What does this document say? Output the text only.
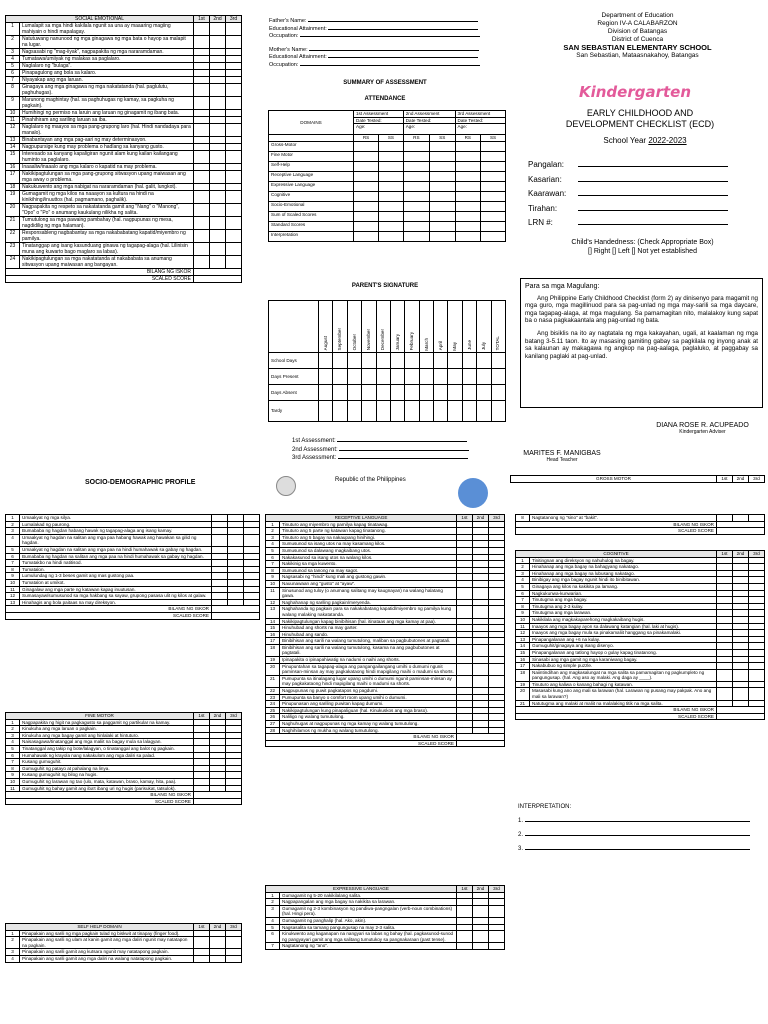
SOCIAL EMOTIONAL		1st	2nd	3rd
1	Lumalapit sa mga hindi kakilala ngunit sa una ay maaaring magiing mahiyain o hindi mapalagay.			
2	Natutuwang nanunood ng mga ginagawa ng mga bata o hayop sa malapit na lugar.			
3	Nagsasabi ng "mag-iiyak", nagpapakita ng mga nararamdaman.			
4	Tumatawa/umiiyak ng malakas sa paglalaro.			
5	Naglalaro ng "bulaga".			
6	Pinapagulong ang bola sa kalaro.			
7	Niyayakap ang mga laruan.			
8	Ginagaya ang mga ginagawa ng mga nakatatanda (hal. paglulutu, paghuhugas).			
9	Marunong maghintay (hal. sa paghuhugas ng kamay, sa pagkuha ng pagkain).			
10	Humihingi ng permiso na laruin ang laruan ng ginagamit ng ibang bata.			
11	Pinahihiram ang sariling laruan sa iba.			
12	Naglalaro ng maayos sa mga pang-grupong laro (hal. Hindi nandadaya para manalo).			
13	Binabantayan ang mga pag-aari ng may determinasyon.			
14	Nagpupursige kung may problema o hadlang sa kanyang gusto.			
15	Interesado sa kanyang kapaligiran ngunit alam kung kailan kailangang huminto sa paglalaro.			
16	Inaaaliw/inaaalo ang mga kalaro o kapatid na may problema.			
17	Nakikipagtulungan sa mga pang-grupong sitwasyon upang maiwasan ang mga away o problema.			
18	Nakukuwento ang mga nabigat na nararamdaman (hal. galit, lungkot).			
19	Gumagamit ng mga kilos na naaayon sa kultura na hindi na kinikihingi/inuuttos (hal. pagmamano, paghalik).			
20	Nagpapakita ng respeto sa nakatatanda gamit ang "Nang" o "Manong", "Opo" o "Po" o anumang kaukulang nilikha ng salita.			
21	Tumutulong sa mga pawaing pambahay (hal. nagpupunas ng mesa, nagdidilig ng mga halaman).			
22	Responsableng nagbabantay sa mga nakababatang kapatid/miyembro ng pamilya.			
23	Tinatanggap ang isang kasunduang ginawa ng tagapag-alaga (hal. Lilinisin muna ang kuwarto bago maglaro sa labas).			
24	Nakikipagtulungan sa mga nakatatanda at nakababata sa anumang sitwasyon upang maiwasan ang bangayan.			
BILANG NG ISKOR				
SCALED SCORE				
Father's Name:
Educational Attainment:
Occupation:
Mother's Name:
Educational Attainment:
Occupation:
SUMMARY OF ASSESSMENT
ATTENDANCE
DOMAINS	1st Assessment		2nd Assessment		3rd Assessment	
	Date Tested:		Date Tested:		Date Tested:	
	Age:		Age:		Age:	
	RS	SS	RS	SS	RS	SS
Gross-Motor						
Fine Motor						
Self-Help						
Receptive Language						
Expressive Language						
Cognitive						
Socio-Emotional						
Sum of Scaled Scores						
Standard Scores						
Interpretation						
PARENT'S SIGNATURE
	August	September	October	November	December	January	February	March	April	May	June	July	TOTAL
School Days													
Days Present													
Days Absent													
Tardy													
1st Assessment:
2nd Assessment:
3rd Assessment:
Department of Education
Region IV-A CALABARZON
Division of Batangas
District of Cuenca
SAN SEBASTIAN ELEMENTARY SCHOOL
San Sebastian, Mataasnakahoy, Batangas
Kindergarten
EARLY CHILDHOOD AND
DEVELOPMENT CHECKLIST (ECD)
School Year 2022-2023
Pangalan:
Kasarian:
Kaarawan:
Tirahan:
LRN #:
Child's Handedness: (Check Appropriate Box)
[] Right [] Left [] Not yet established
Para sa mga Magulang:
Ang Philippine Early Childhood Checklist (form 2) ay dinisenyo para magamit ng mga guro, mga magillinuod para sa pag-unlad ng mga may-sarili sa mga daycare, mga tagapag-alaga, at mga magulang. Sa pamamagitan nito, malalakoy kung sapat ba o nasa pagkakaantala ang pag-unlad ng bata.
Ang bisiklis na ito ay nagtatala ng mga kakayahan, ugali, at kaalaman ng mga batang 3-5.11 taon. Ito ay masasing gamiting gabay sa pagkilala ng inyong anak at sa kalaunan ay makagawa ng angkop na pag-aalaga, paglaluko, at paggabay sa kanilang paglaki at pag-unlad.
DIANA ROSE R. ACUPEADO
Kindergarten Adviser
MARITES F. MANIGBAS
Head Teacher
SOCIO-DEMOGRAPHIC PROFILE	Republic of the Philippines	GROSS MOTOR	1st	2nd	3rd
1	Umaakyat ng mga silya.			
2	Lumalakad ng paurong.			
3	Bumababa ng hagdan habang hawak ng tagapag-alaga ang isang kamay.			
4	Umaakyat ng hagdan na salitan ang mga paa habang hawak ang hawakan sa gilid ng hagdan.			
5	Umaakyat ng hagdan na salitan ang mga paa na hindi humahawak sa gabay ng hagdan.			
6	Bumababa ng hagdan na salitan ang mga paa na hindi humahawak sa gabay ng hagdan.			
7	Tumatakbo na hindi natitisod.			
8	Tumatalon.			
9	Lumulundag ng 1-3 beses gamit ang mas gustong paa.			
10	Tumatalon at umikot.			
11	Ginagalaw ang mga parte ng katawan kapag inuutusan.			
12	Sumasayaw/sumusunod sa mga hakbang sa sayaw, grupong pasasa ulit ng kilos at galaw.			
13	Hinahagis ang bola paitaas na may direksyon.			
BILANG NG ISKOR				
SCALED SCORE				
FINE MOTOR		1st	2nd	3rd
1	Nagpapakita ng higit na pagkagusto sa paggamit ng partikular na kamay.			
2	Kinukuha ang mga laruan o pagkain.			
3	Kinukuha ang mga bagay gamit ang hinlalaki at hintuturo.			
4	Naisasagawa/tinatanggal ang mga maliit na bagay mula sa lalagyan.			
5	Tinatanggal ang takip ng bote/lalagyan, o tinatanggal ang balot ng pagkain.			
6	Humahawak ng krayola nang nakakulom ang mga daliri sa palad.			
7	Kusang gumuguhit.			
8	Gumuguhit ng patayo at pahalang na linya.			
9	Kusang gumuguhit ng bilog na hugis.			
10	Gumuguhit ng larawan ng tao (ulo, mata, katawan, braso, kamay, hita, paa).			
11	Gumuguhit ng bahay gamit ang iba't ibang uri ng hugis (parisukat, tatsulok).			
BILANG NG ISKOR				
SCALED SCORE				
SELF HELP DOMAIN		1st	2nd	3rd
1	Pinapakain ang sarili ng mga pagkain tulad ng biskwit at tinapay (finger food).			
2	Pinapakain ang sarili ng ulam at kanin gamit ang mga daliri ngunit may natatapon na pagkain.			
3	Pinapakain ang sarili gamit ang kutsara ngunit may natatapong pagkain.			
4	Pinapakain ang sarili gamit ang mga daliri na walang natatapong pagkain.			
RECEPTIVE LANGUAGE		1st	2nd	3rd
1	Tinuturo ang miyembro ng pamilya kapag tinatawag.			
2	Tinuturo ang 5 parte ng katawan kapag tinatanong.			
3	Tinuturo ang 5 bagay na nakaupang hinihingi.			
4	Sumusunod sa isang utos na may kasamang kilos.			
5	Sumusunod sa dalawang magkaibang utos.			
6	Nakakasunod sa isang utos na walang kilos.			
7	Nakikinig sa mga kuwento.			
8	Sumusunod sa tanong na may sagot.			
9	Nagsasabi ng "hindi" kung mali ang gustong gawin.			
10	Nauunawaan ang "gusto" at "ayaw".			
11	Sinusunod ang tuloy (o anumang salitang may kaugnayan) na walang halatang gawa.			
12	Naghahanap ng sariling pagkain/meryenda.			
13	Naghahanda ng pagkain para sa nakakabatang kapatid/miyembro ng pamilya kung walang malaking nakatatanda.			
14	Nakikipagtulungan kapag binibihisan (hal. itinataas ang mga kamay at paa).			
15	Hinuhubad ang shorts na may garter.			
16	Hinuhubad ang sando.			
17	Binibihisan ang sarili na walang tumutulong, maliban sa pagbubutones at pagtatali.			
18	Binibihisan ang sarili na walang tumutulong, kasama na ang pagbubutones at pagtatali.			
19	Ipinapakita o ipinapahiwatig na nadumi o naihi ang shorts.			
20	Pinupuntahan sa tagapag-alaga ang pangangailangang umihi o dumumi ngunit paminsan-minsan ay may pagkakataong hindi mapigilang maihi o madumi sa shorts.			
21	Pumupunta sa itinalagang lugar upang umihi o dumumi ngunit paminsan-minsan ay may pagkakataong hindi mapigilang maihi o madumi sa shorts.			
22	Nagpupunas ng puwit pagkatapos ng pagdumi.			
23	Pumupunta sa banyo o comfort room upang umihi o dumumi.			
24	Pinupunasan ang sariling puwitan kapag dumumi.			
25	Nakikipagtulungan kung pinapaliguan (hal. Kinukuskos ang mga braso).			
26	Naliligo ng walang tumutulong.			
27	Naghuhugas at nagpupunas ng mga kamay ng walang tumutulong.			
28	Naghihilamos ng mukha ng walang tumutulong.			
BILANG NG ISKOR				
SCALED SCORE				
EXPRESSIVE LANGUAGE		1st	2nd	3rd
1	Gumagamit ng 5-20 nakikilalang salita.			
2	Nagpapangalan ang mga bagay na nakikita sa larawan.			
3	Gumagamit ng 2-3 kombinasyon ng pandiwa-pangngalan (verb-noun combinations) (hal. Hingi pera).			
4	Gumagamit ng panghalip (hal. Ako, akin).			
5	Nagsasalita sa tamang pangungusap na may 2-3 salita.			
6	Kinukwento ang kaganapan na nangyari sa labas ng bahay (hal. pagkasunod-sunod ng pangyayari gamit ang mga salitang tumutukoy sa pangnakaraan (past tense).			
7	Nagtatanong ng "ano".			
8	Nagtatanong ng "sino" at "bakit".			
BILANG NG ISKOR				
SCALED SCORE				
COGNITIVE		1st	2nd	3rd
1	Tinitingnan ang direksyon ng nahuhulog na bagay.			
2	Hinahanap ang mga bagay na bahagyang nakatago.			
3	Hinahanap ang mga bagay na lubusang nakatago.			
4	Binibigay ang mga bagay ngunit hindi ito binibitawan.			
5	Ginagaya ang kilos na kakikita pa lamang.			
6	Nagkukunwa-kunwarian.			
7	Tinutugma ang mga bagay.			
8	Tinutugma ang 2-3 kulay.			
9	Tinutugma ang mga larawan.			
10	Nakikilala ang magkakaparehong magkakaibang hugis.			
11	Inaayos ang mga bagay ayon sa dalawang katangian (hal. laki at hugis).			
12	Inaayos ang mga bagay mula sa pinakamaliit hanggang sa pinakamalaki.			
13	Pinapangalanan ang +6 na kulay.			
14	Gumuguhit/ginagaya ang isang disenyo.			
15	Pinapangalanan ang tatlong hayop o gulay kapag tinatanong.			
16	Sinasabi ang mga gamit ng mga karaniwang bagay.			
17	Nakabubuo ng simple puzzle.			
18	Naiintindihan ang magkasalungat na mga salita sa pamamagitan ng pagkumpleto ng pangungusap. (hal. Ang aso ay malaki. Ang daga ay ____).			
19	Tinuturo ang kaliwa o kanang bahagi ng katawan.			
20	Masasabi kung ano ang mali sa larawan (hal. Larawan ng pusang may pakpak. Ano ang mali sa larawan?)			
21	Natutugma ang malaki at maliit na malalaking titik na mga salita.			
BILANG NG ISKOR				
SCALED SCORE				
INTERPRETATION:
1.
2.
3.
